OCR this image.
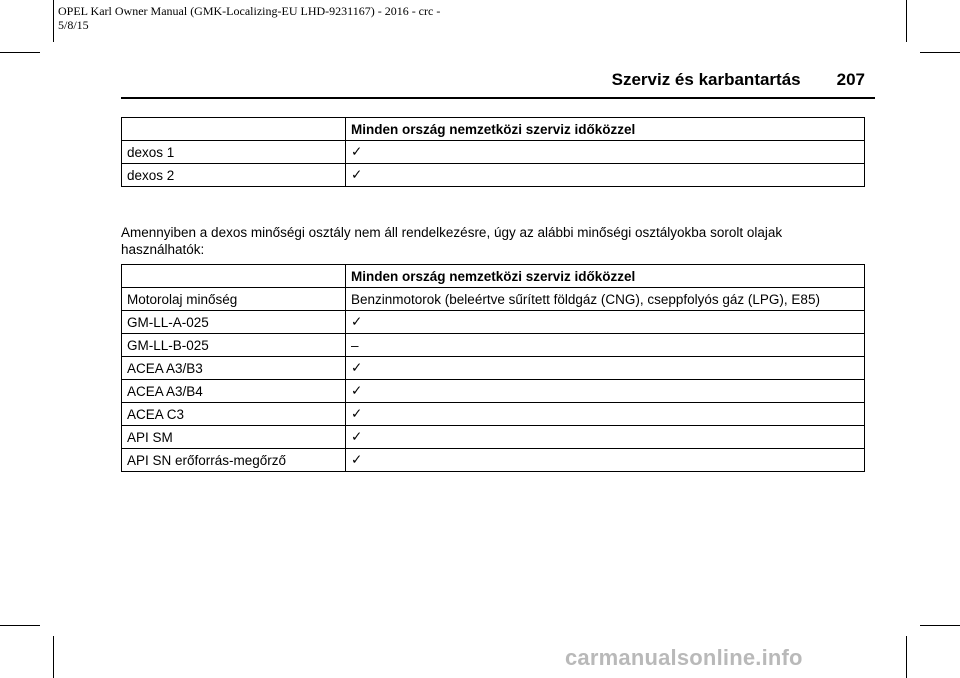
OPEL Karl Owner Manual (GMK-Localizing-EU LHD-9231167) - 2016 - crc -
5/8/15
Szerviz és karbantartás 207
	Minden ország nemzetközi szerviz időközzel
dexos 1	✓
dexos 2	✓
Amennyiben a dexos minőségi osztály nem áll rendelkezésre, úgy az alábbi minőségi osztályokba sorolt olajak használhatók:
	Minden ország nemzetközi szerviz időközzel
Motorolaj minőség	Benzinmotorok (beleértve sűrített földgáz (CNG), cseppfolyós gáz (LPG), E85)
GM-LL-A-025	✓
GM-LL-B-025	–
ACEA A3/B3	✓
ACEA A3/B4	✓
ACEA C3	✓
API SM	✓
API SN erőforrás-megőrző	✓
carmanualsonline.info
